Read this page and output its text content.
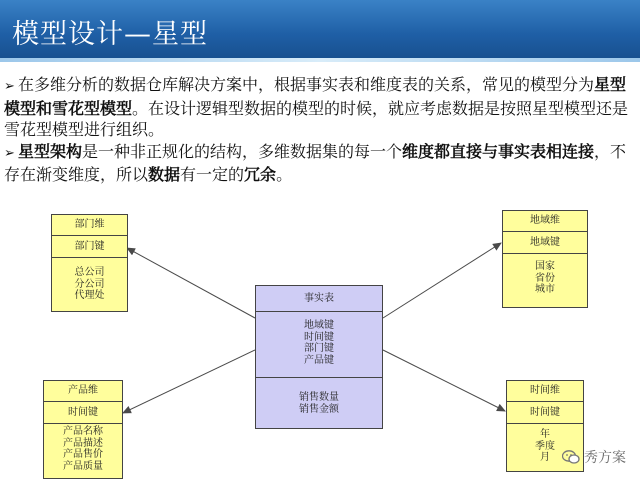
模型设计—星型

➢ 在多维分析的数据仓库解决方案中，根据事实表和维度表的关系，常见的模型分为星型模型和雪花型模型。在设计逻辑型数据的模型的时候，就应考虑数据是按照星型模型还是雪花型模型进行组织。

➢ 星型架构是一种非正规化的结构，多维数据集的每一个维度都直接与事实表相连接，不存在渐变维度，所以数据有一定的冗余。

部门维
部门键
总公司
分公司
代理处
地域维
地域键
国家
省份
城市
事实表
地域键
时间键
部门键
产品键
销售数量
销售金额
产品维
时间键
产品名称
产品描述
产品售价
产品质量
时间维
时间键
年
季度
月	秀方案
